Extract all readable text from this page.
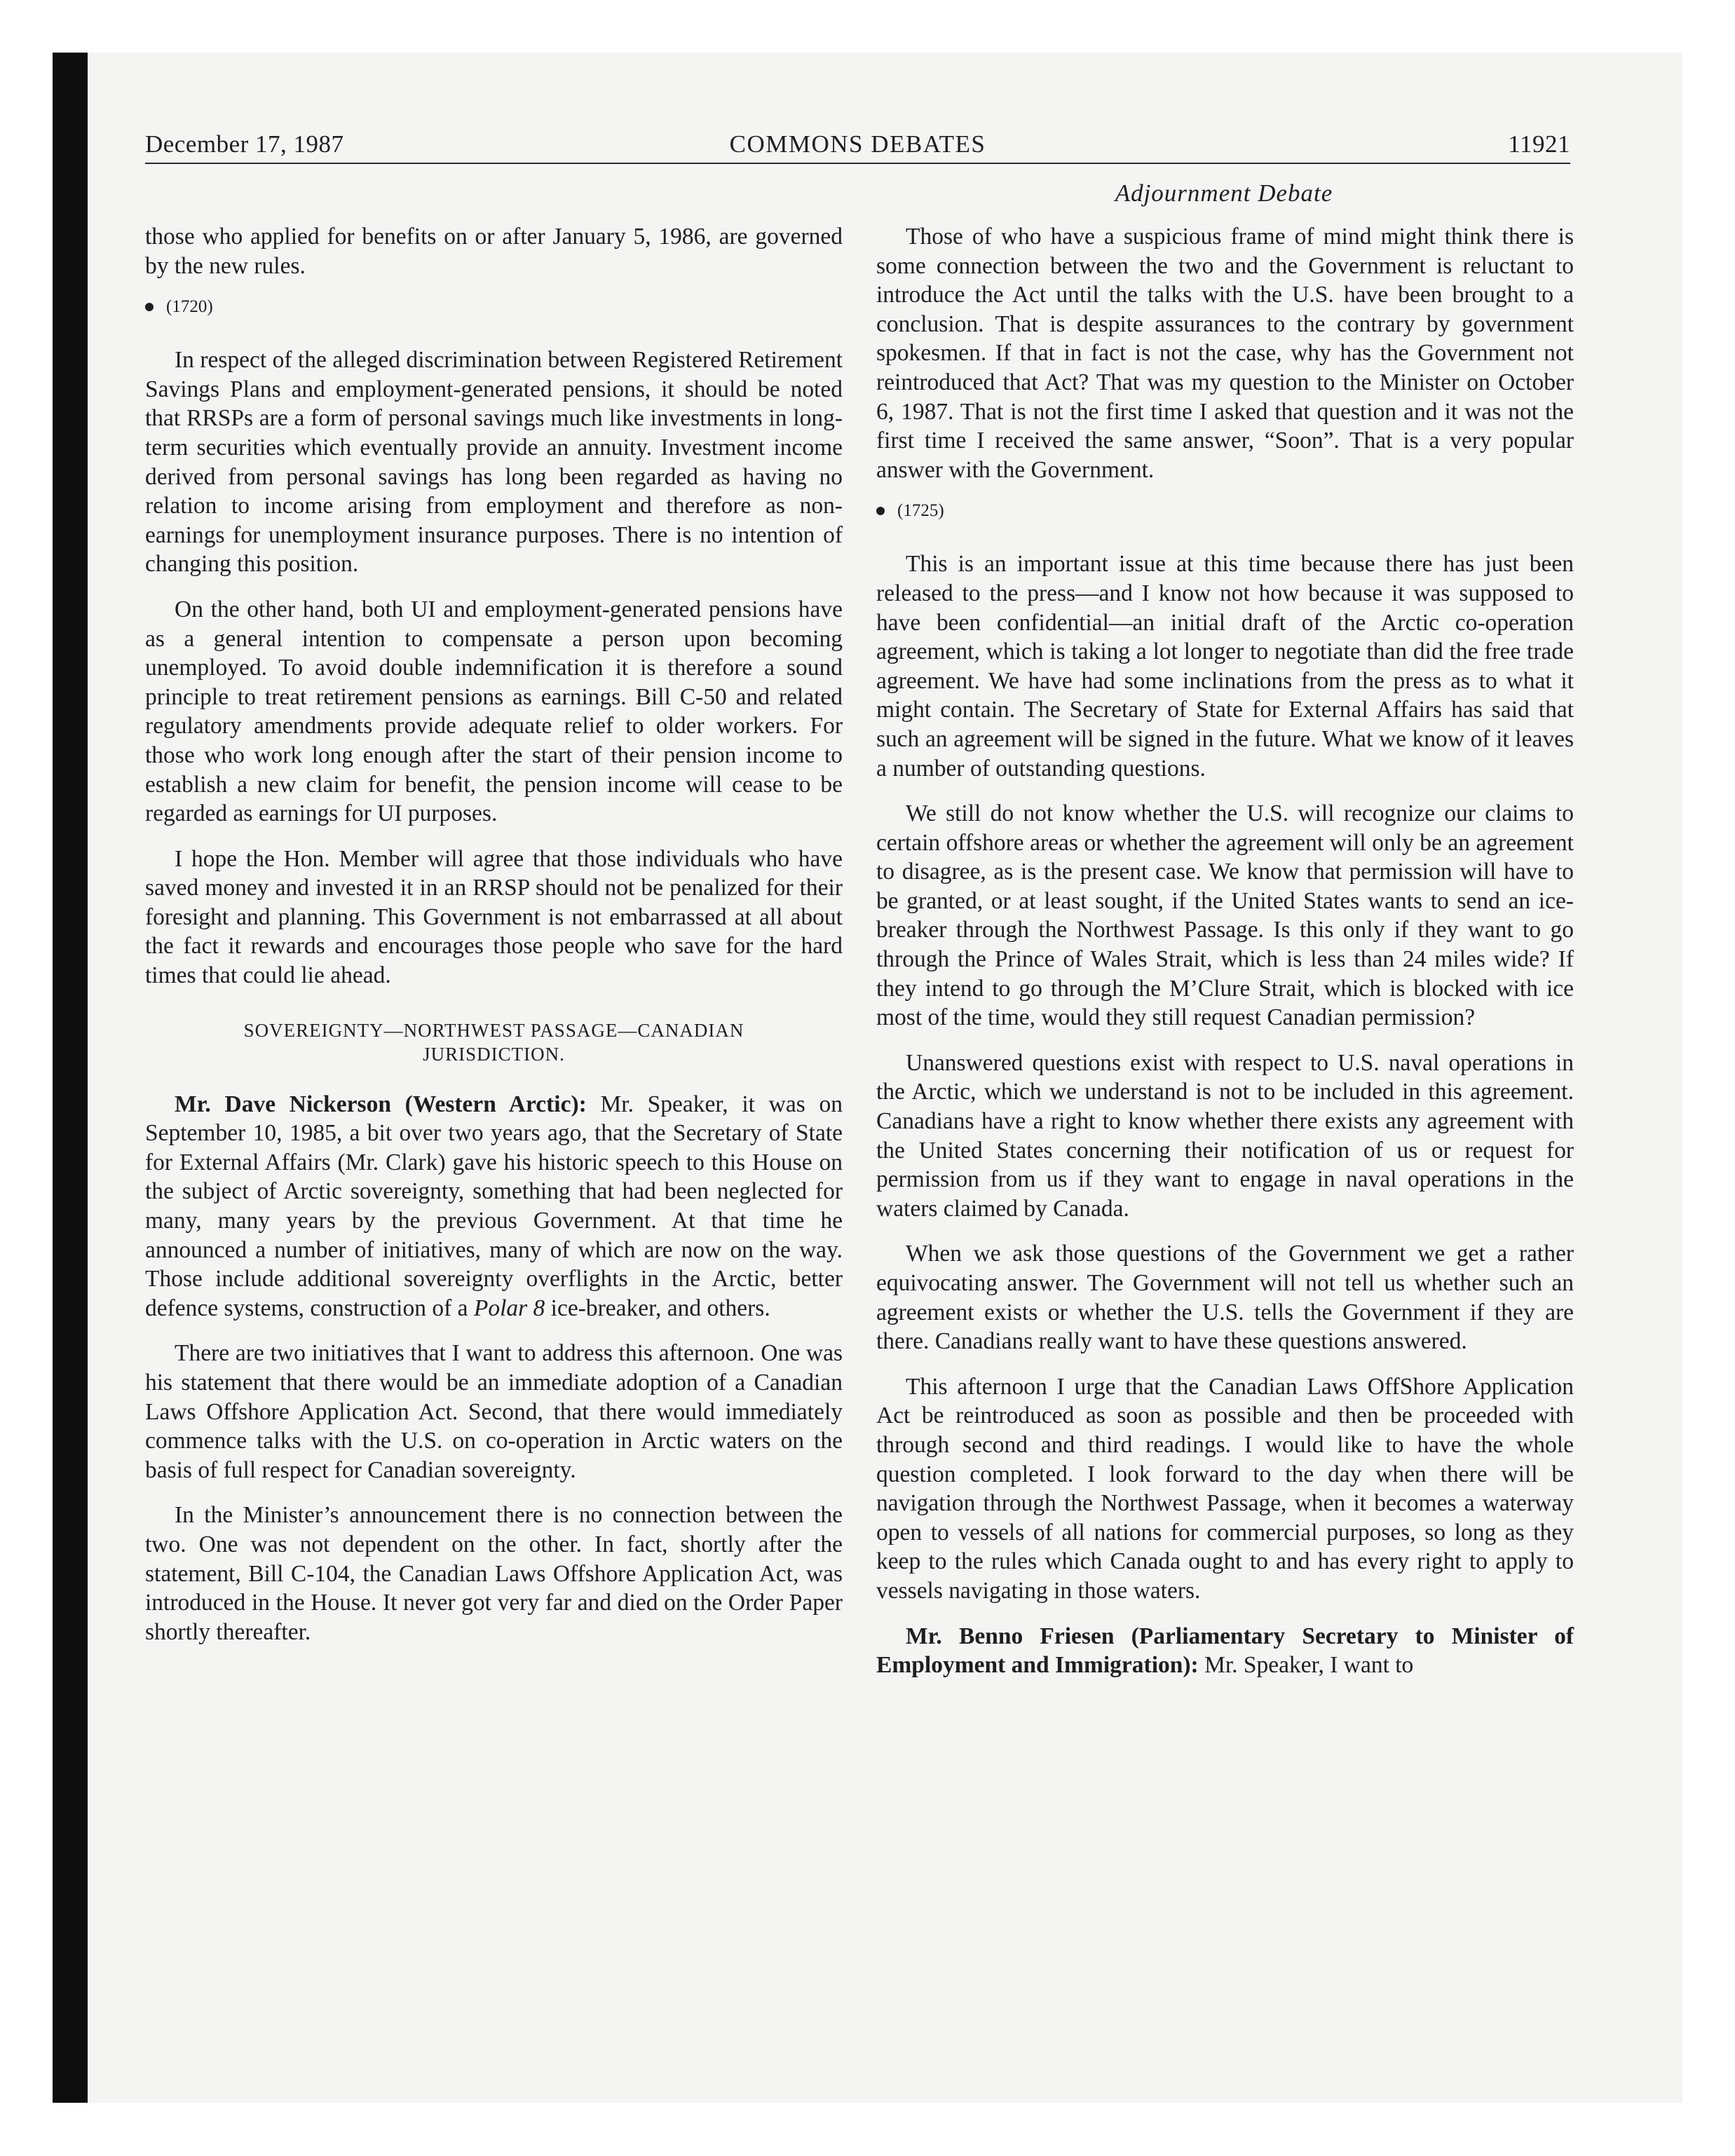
December 17, 1987	COMMONS DEBATES	11921
Adjournment Debate

those who applied for benefits on or after January 5, 1986, are governed by the new rules.

(1720)

In respect of the alleged discrimination between Registered Retirement Savings Plans and employment-generated pensions, it should be noted that RRSPs are a form of personal savings much like investments in long-term securities which eventually provide an annuity. Investment income derived from personal savings has long been regarded as having no relation to income arising from employment and therefore as non-earnings for unemployment insurance purposes. There is no intention of changing this position.

On the other hand, both UI and employment-generated pensions have as a general intention to compensate a person upon becoming unemployed. To avoid double indemnification it is therefore a sound principle to treat retirement pensions as earnings. Bill C-50 and related regulatory amendments provide adequate relief to older workers. For those who work long enough after the start of their pension income to establish a new claim for benefit, the pension income will cease to be regarded as earnings for UI purposes.

I hope the Hon. Member will agree that those individuals who have saved money and invested it in an RRSP should not be penalized for their foresight and planning. This Government is not embarrassed at all about the fact it rewards and encourages those people who save for the hard times that could lie ahead.

SOVEREIGNTY—NORTHWEST PASSAGE—CANADIAN JURISDICTION.

Mr. Dave Nickerson (Western Arctic): Mr. Speaker, it was on September 10, 1985, a bit over two years ago, that the Secretary of State for External Affairs (Mr. Clark) gave his historic speech to this House on the subject of Arctic sovereignty, something that had been neglected for many, many years by the previous Government. At that time he announced a number of initiatives, many of which are now on the way. Those include additional sovereignty overflights in the Arctic, better defence systems, construction of a Polar 8 ice-breaker, and others.

There are two initiatives that I want to address this afternoon. One was his statement that there would be an immediate adoption of a Canadian Laws Offshore Application Act. Second, that there would immediately commence talks with the U.S. on co-operation in Arctic waters on the basis of full respect for Canadian sovereignty.

In the Minister’s announcement there is no connection between the two. One was not dependent on the other. In fact, shortly after the statement, Bill C-104, the Canadian Laws Offshore Application Act, was introduced in the House. It never got very far and died on the Order Paper shortly thereafter.

Those of who have a suspicious frame of mind might think there is some connection between the two and the Government is reluctant to introduce the Act until the talks with the U.S. have been brought to a conclusion. That is despite assurances to the contrary by government spokesmen. If that in fact is not the case, why has the Government not reintroduced that Act? That was my question to the Minister on October 6, 1987. That is not the first time I asked that question and it was not the first time I received the same answer, “Soon”. That is a very popular answer with the Government.

(1725)

This is an important issue at this time because there has just been released to the press—and I know not how because it was supposed to have been confidential—an initial draft of the Arctic co-operation agreement, which is taking a lot longer to negotiate than did the free trade agreement. We have had some inclinations from the press as to what it might contain. The Secretary of State for External Affairs has said that such an agreement will be signed in the future. What we know of it leaves a number of outstanding questions.

We still do not know whether the U.S. will recognize our claims to certain offshore areas or whether the agreement will only be an agreement to disagree, as is the present case. We know that permission will have to be granted, or at least sought, if the United States wants to send an ice-breaker through the Northwest Passage. Is this only if they want to go through the Prince of Wales Strait, which is less than 24 miles wide? If they intend to go through the M’Clure Strait, which is blocked with ice most of the time, would they still request Canadian permission?

Unanswered questions exist with respect to U.S. naval operations in the Arctic, which we understand is not to be included in this agreement. Canadians have a right to know whether there exists any agreement with the United States concerning their notification of us or request for permission from us if they want to engage in naval operations in the waters claimed by Canada.

When we ask those questions of the Government we get a rather equivocating answer. The Government will not tell us whether such an agreement exists or whether the U.S. tells the Government if they are there. Canadians really want to have these questions answered.

This afternoon I urge that the Canadian Laws OffShore Application Act be reintroduced as soon as possible and then be proceeded with through second and third readings. I would like to have the whole question completed. I look forward to the day when there will be navigation through the Northwest Passage, when it becomes a waterway open to vessels of all nations for commercial purposes, so long as they keep to the rules which Canada ought to and has every right to apply to vessels navigating in those waters.

Mr. Benno Friesen (Parliamentary Secretary to Minister of Employment and Immigration): Mr. Speaker, I want to
